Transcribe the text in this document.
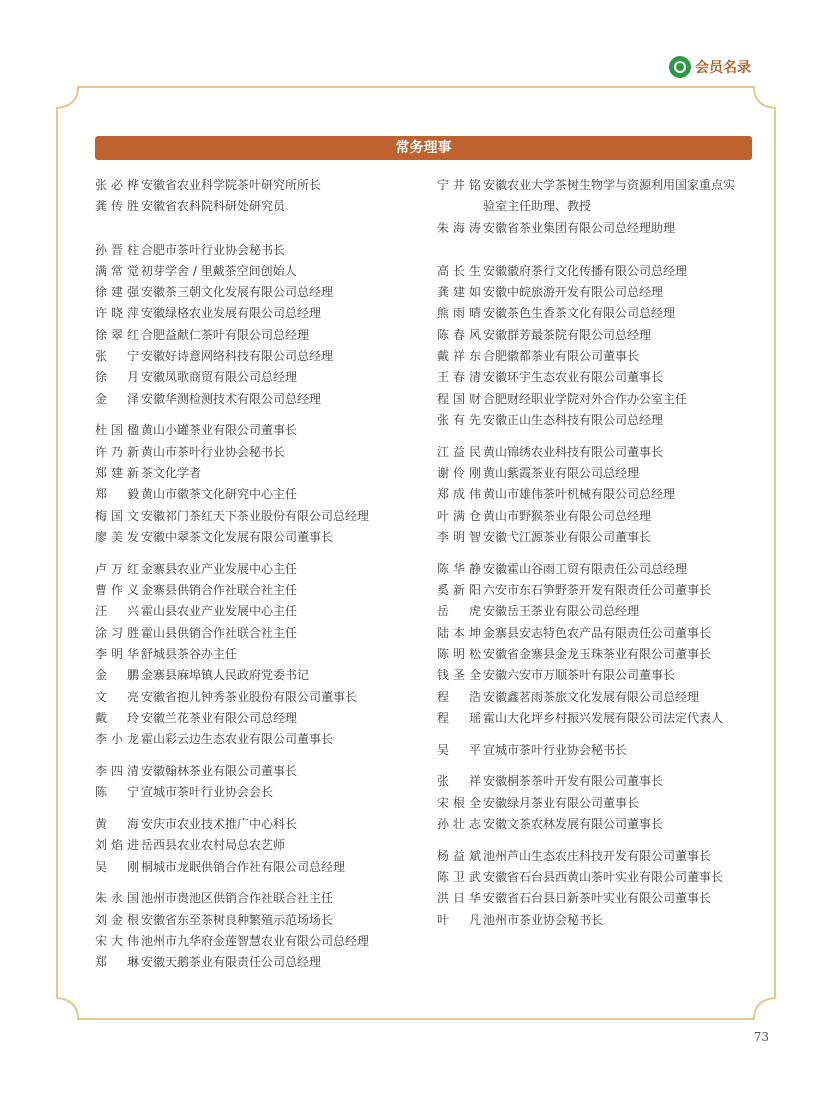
会员名录
常务理事
张必桦 安徽省农业科学院茶叶研究所所长
龚传胜 安徽省农科院科研处研究员
孙晋柱 合肥市茶叶行业协会秘书长
满常觉 初芽学舍 / 里戴茶空间创始人
徐建强 安徽茶三朝文化发展有限公司总经理
许晓萍 安徽绿格农业发展有限公司总经理
徐翠红 合肥益献仁茶叶有限公司总经理
张宁 安徽好诗意网络科技有限公司总经理
徐月 安徽凤歌商贸有限公司总经理
金泽 安徽华测检测技术有限公司总经理
杜国楹 黄山小罐茶业有限公司董事长
许乃新 黄山市茶叶行业协会秘书长
郑建新 茶文化学者
郑毅 黄山市徽茶文化研究中心主任
梅国文 安徽祁门茶红天下茶业股份有限公司总经理
廖美发 安徽中翠茶文化发展有限公司董事长
卢万红 金寨县农业产业发展中心主任
曹作义 金寨县供销合作社联合社主任
汪兴 霍山县农业产业发展中心主任
涂习胜 霍山县供销合作社联合社主任
李明华 舒城县茶谷办主任
金鹏 金寨县麻埠镇人民政府党委书记
文亮 安徽省抱儿钟秀茶业股份有限公司董事长
戴玲 安徽兰花茶业有限公司总经理
李小龙 霍山彩云边生态农业有限公司董事长
李四清 安徽翰林茶业有限公司董事长
陈宁 宣城市茶叶行业协会会长
黄海 安庆市农业技术推广中心科长
刘焰进 岳西县农业农村局总农艺师
吴刚 桐城市龙眠供销合作社有限公司总经理
朱永国 池州市贵池区供销合作社联合社主任
刘金根 安徽省东至茶树良种繁殖示范场场长
宋大伟 池州市九华府金莲智慧农业有限公司总经理
郑琳 安徽天鹅茶业有限责任公司总经理
宁井铭 安徽农业大学茶树生物学与资源利用国家重点实
验室主任助理、教授
朱海涛 安徽省茶业集团有限公司总经理助理
高长生 安徽徽府茶行文化传播有限公司总经理
龚建如 安徽中皖旅游开发有限公司总经理
熊雨晴 安徽茶色生香茶文化有限公司总经理
陈春风 安徽群芳最茶院有限公司总经理
戴祥东 合肥徽都茶业有限公司董事长
王春清 安徽环宇生态农业有限公司董事长
程国财 合肥财经职业学院对外合作办公室主任
张有先 安徽正山生态科技有限公司总经理
江益民 黄山锦绣农业科技有限公司董事长
谢伶刚 黄山紫霞茶业有限公司总经理
郑成伟 黄山市雄伟茶叶机械有限公司总经理
叶满仓 黄山市野猴茶业有限公司总经理
李明智 安徽弋江源茶业有限公司董事长
陈华静 安徽霍山谷雨工贸有限责任公司总经理
奚新阳 六安市东石笋野茶开发有限责任公司董事长
岳虎 安徽岳王茶业有限公司总经理
陆本坤 金寨县安志特色农产品有限责任公司董事长
陈明松 安徽省金寨县金龙玉珠茶业有限公司董事长
钱圣全 安徽六安市万顺茶叶有限公司董事长
程浩 安徽鑫茗雨茶旅文化发展有限公司总经理
程瑶 霍山大化坪乡村振兴发展有限公司法定代表人
吴平 宣城市茶叶行业协会秘书长
张祥 安徽桐茶茶叶开发有限公司董事长
宋根全 安徽绿月茶业有限公司董事长
孙壮志 安徽文茶农林发展有限公司董事长
杨益斌 池州芦山生态农庄科技开发有限公司董事长
陈卫武 安徽省石台县西黄山茶叶实业有限公司董事长
洪日华 安徽省石台县日新茶叶实业有限公司董事长
叶凡 池州市茶业协会秘书长
73
